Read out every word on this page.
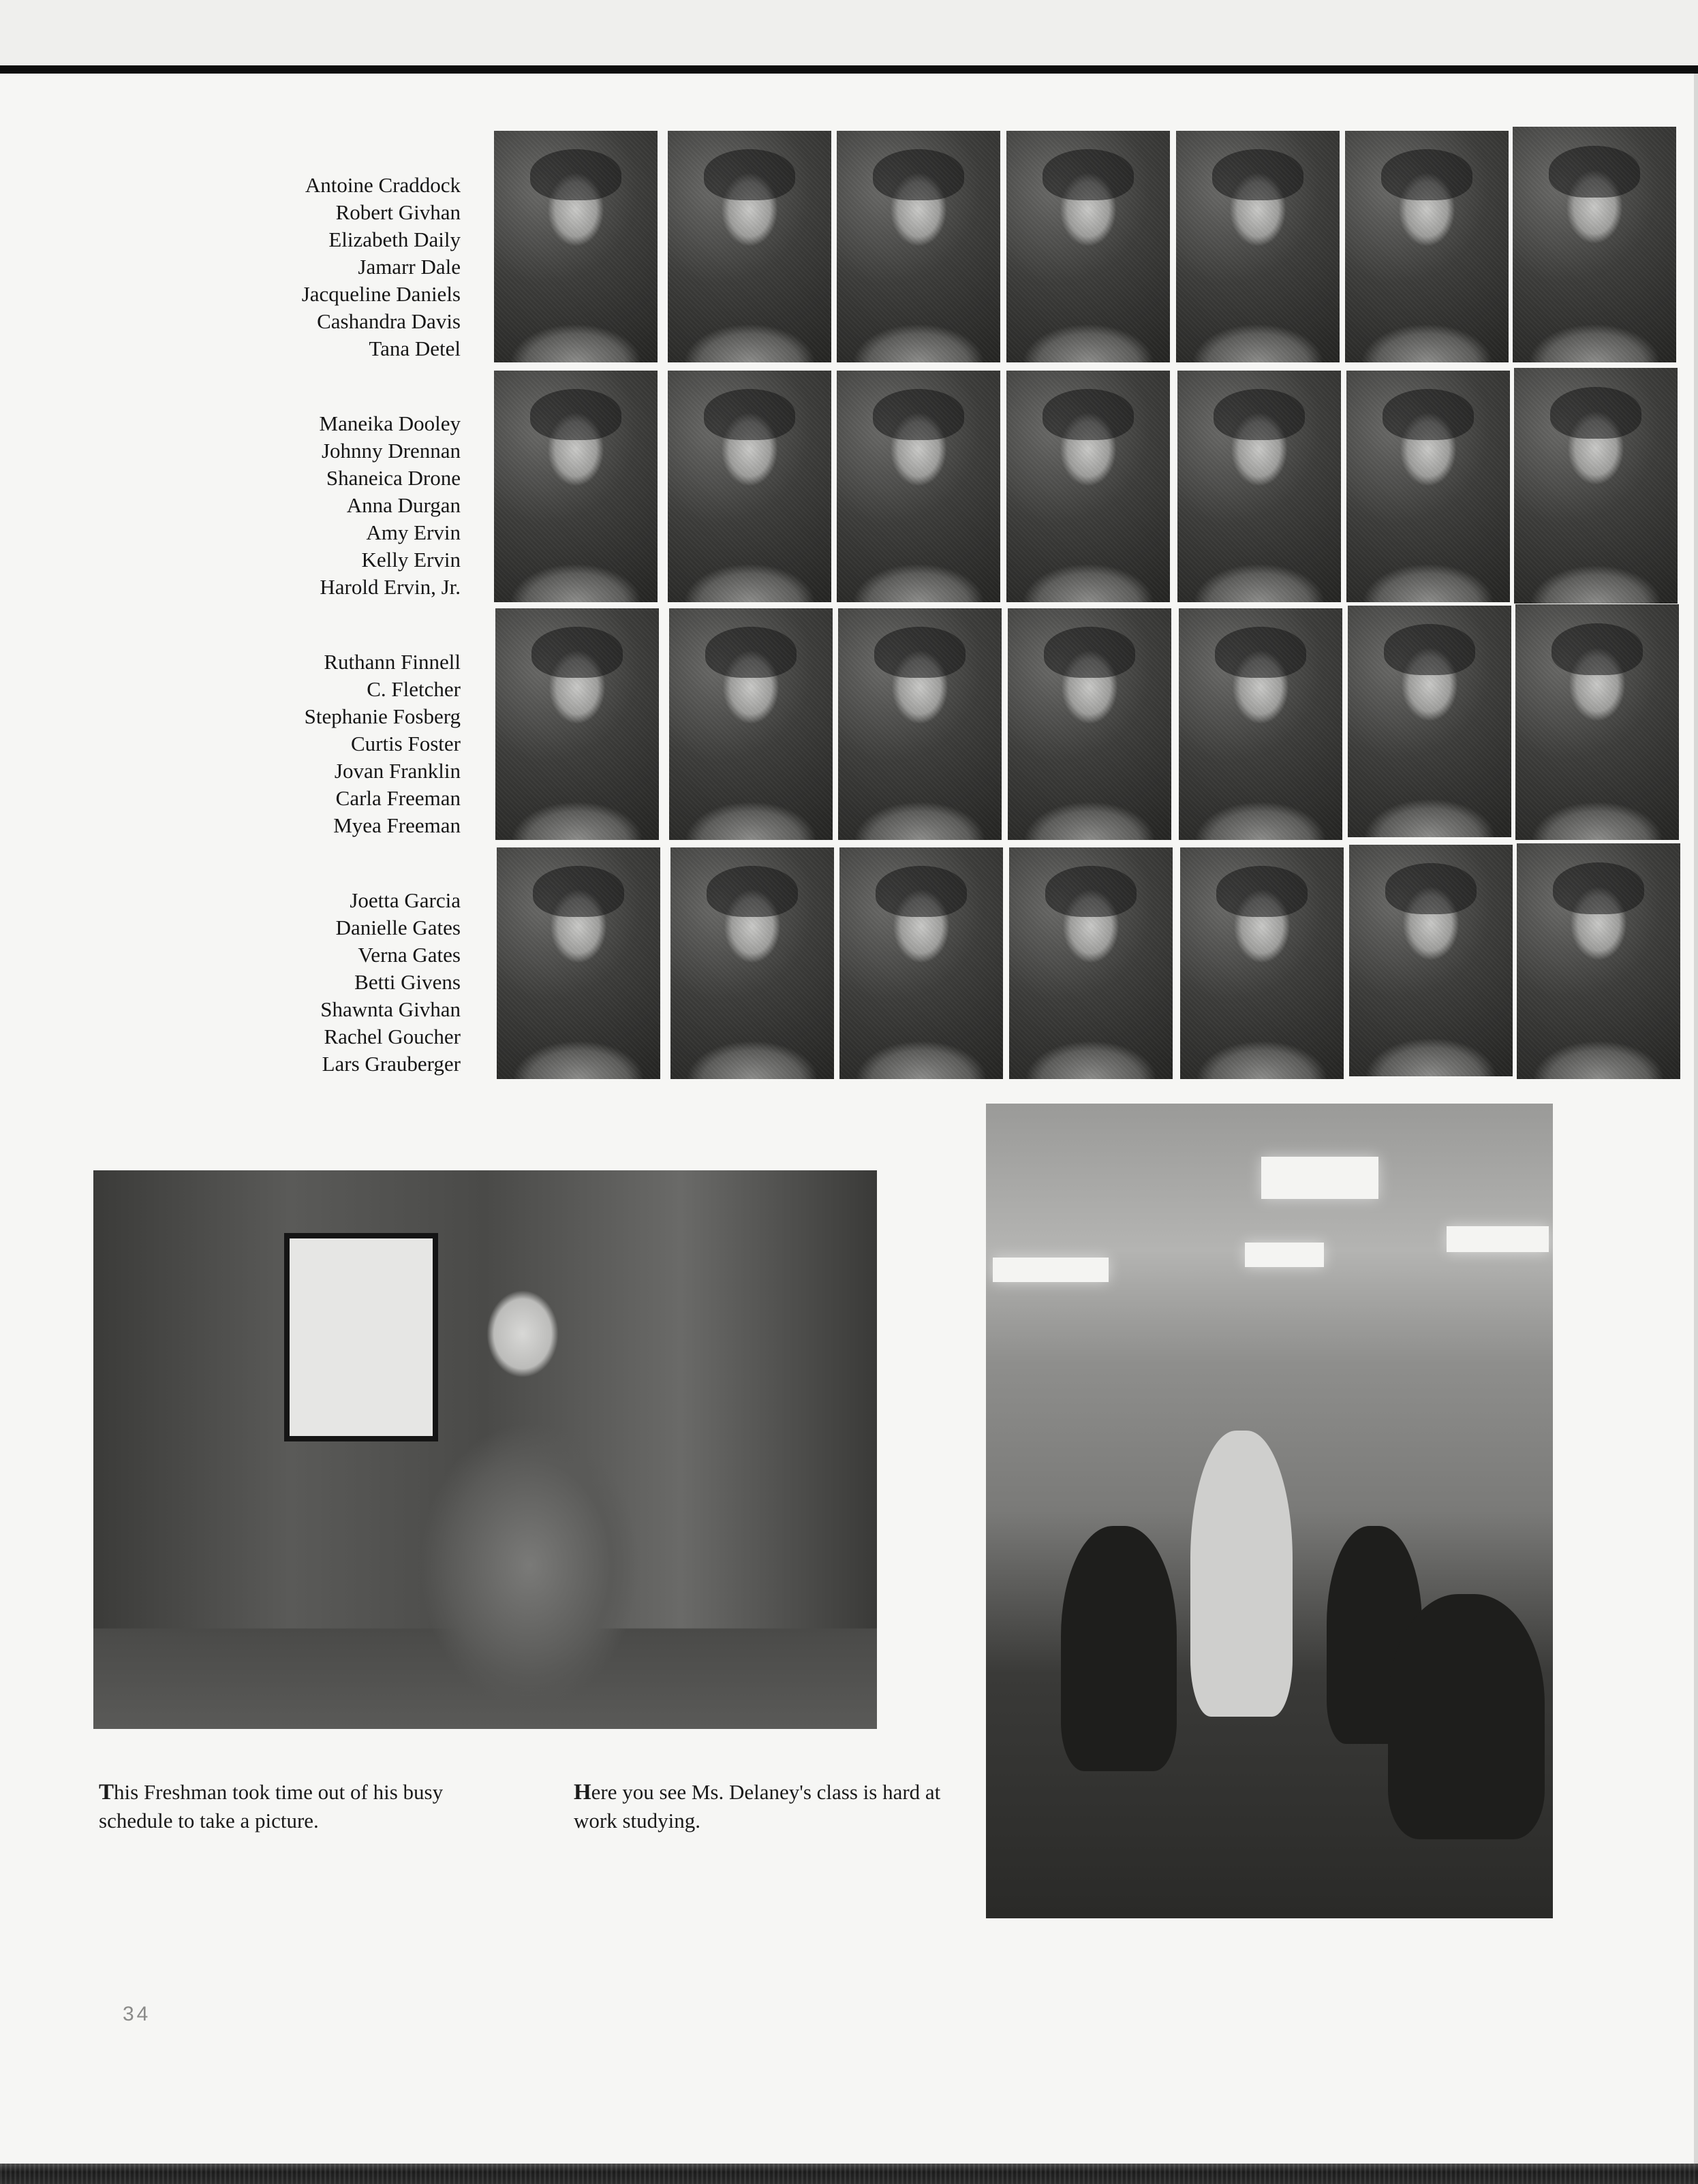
Antoine Craddock
Robert Givhan
Elizabeth Daily
Jamarr Dale
Jacqueline Daniels
Cashandra Davis
Tana Detel
Maneika Dooley
Johnny Drennan
Shaneica Drone
Anna Durgan
Amy Ervin
Kelly Ervin
Harold Ervin, Jr.
Ruthann Finnell
C. Fletcher
Stephanie Fosberg
Curtis Foster
Jovan Franklin
Carla Freeman
Myea Freeman
Joetta Garcia
Danielle Gates
Verna Gates
Betti Givens
Shawnta Givhan
Rachel Goucher
Lars Grauberger
This Freshman took time out of his busy schedule to take a picture.
Here you see Ms. Delaney's class is hard at work studying.
34
